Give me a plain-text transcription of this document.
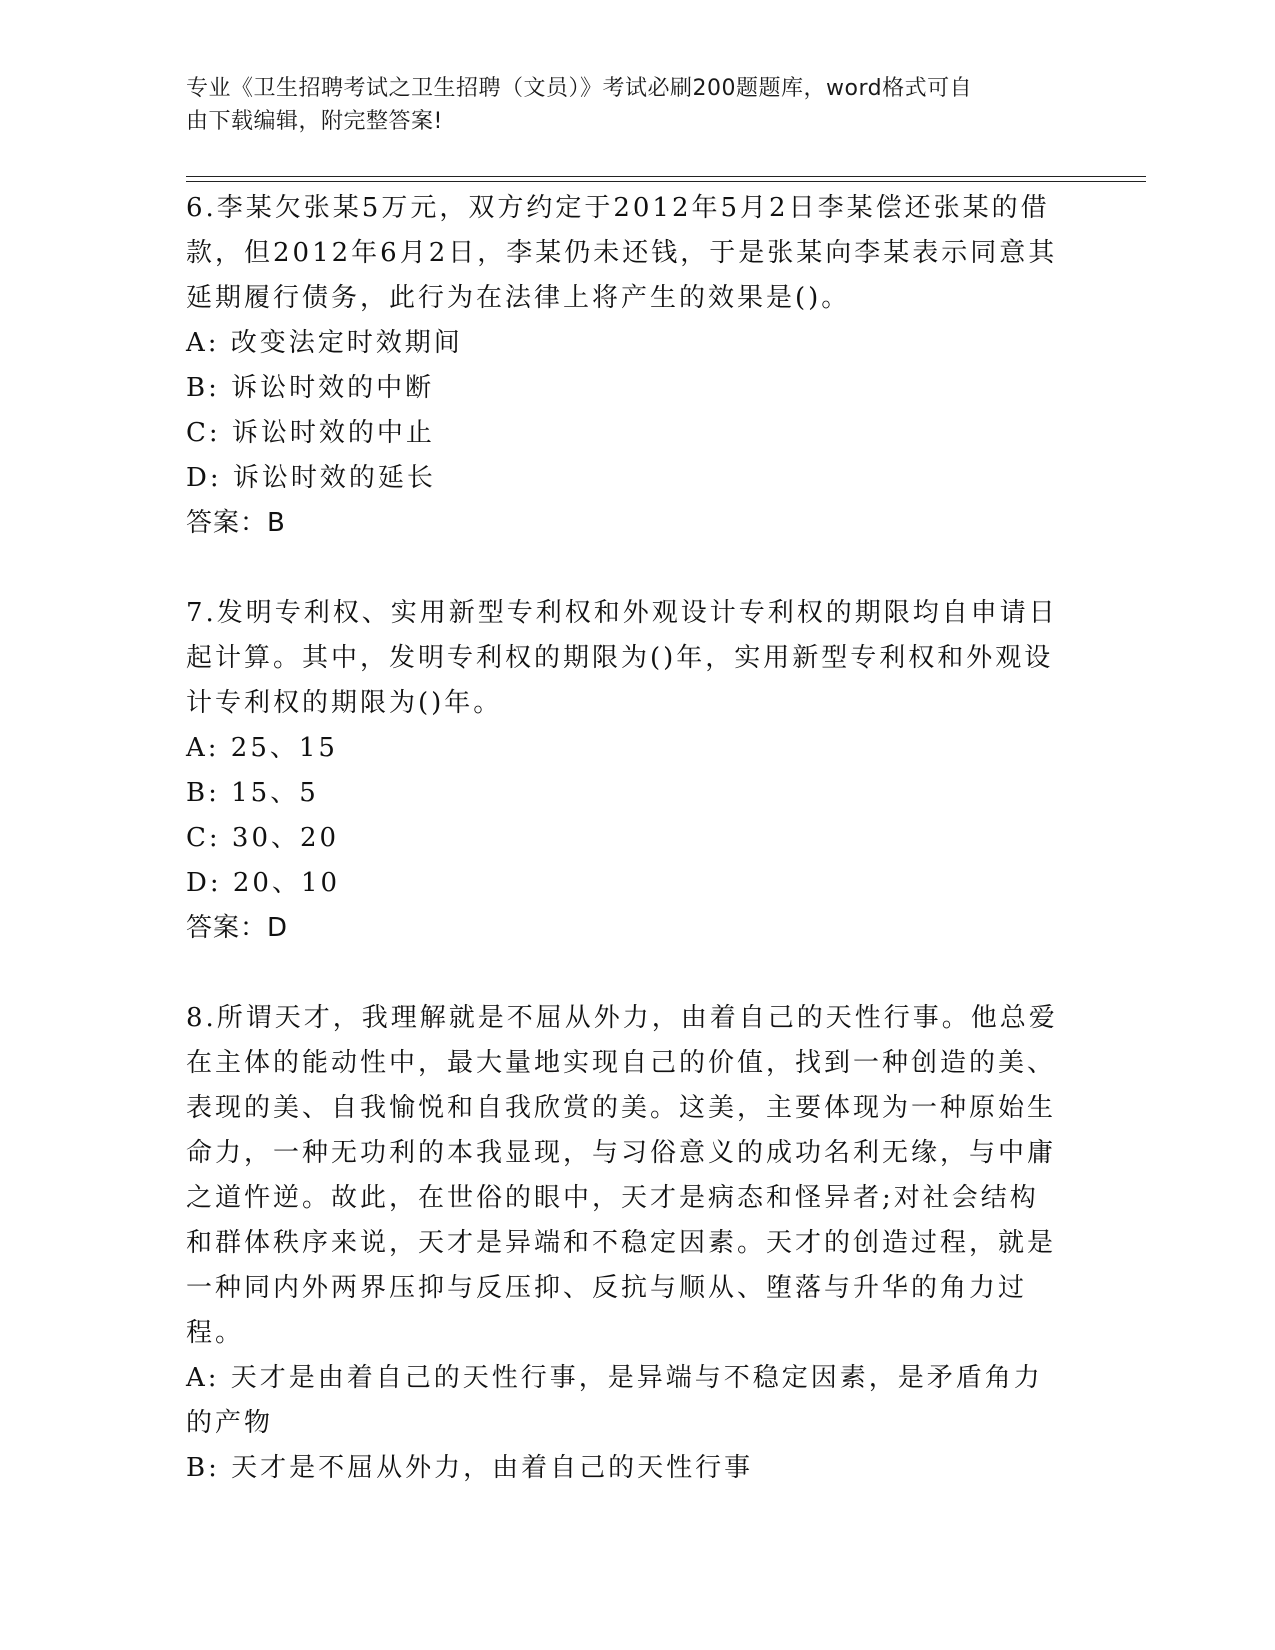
专业《卫生招聘考试之卫生招聘（文员）》考试必刷200题题库，word格式可自
由下载编辑，附完整答案!

6.李某欠张某5万元，双方约定于2012年5月2日李某偿还张某的借款，但2012年6月2日，李某仍未还钱，于是张某向李某表示同意其延期履行债务，此行为在法律上将产生的效果是()。

A: 改变法定时效期间

B: 诉讼时效的中断

C: 诉讼时效的中止

D: 诉讼时效的延长

答案：B

7.发明专利权、实用新型专利权和外观设计专利权的期限均自申请日起计算。其中，发明专利权的期限为()年，实用新型专利权和外观设计专利权的期限为()年。

A: 25、15

B: 15、5

C: 30、20

D: 20、10

答案：D

8.所谓天才，我理解就是不屈从外力，由着自己的天性行事。他总爱在主体的能动性中，最大量地实现自己的价值，找到一种创造的美、表现的美、自我愉悦和自我欣赏的美。这美，主要体现为一种原始生命力，一种无功利的本我显现，与习俗意义的成功名利无缘，与中庸之道忤逆。故此，在世俗的眼中，天才是病态和怪异者;对社会结构和群体秩序来说，天才是异端和不稳定因素。天才的创造过程，就是一种同内外两界压抑与反压抑、反抗与顺从、堕落与升华的角力过程。

A: 天才是由着自己的天性行事，是异端与不稳定因素，是矛盾角力的产物

B: 天才是不屈从外力，由着自己的天性行事
